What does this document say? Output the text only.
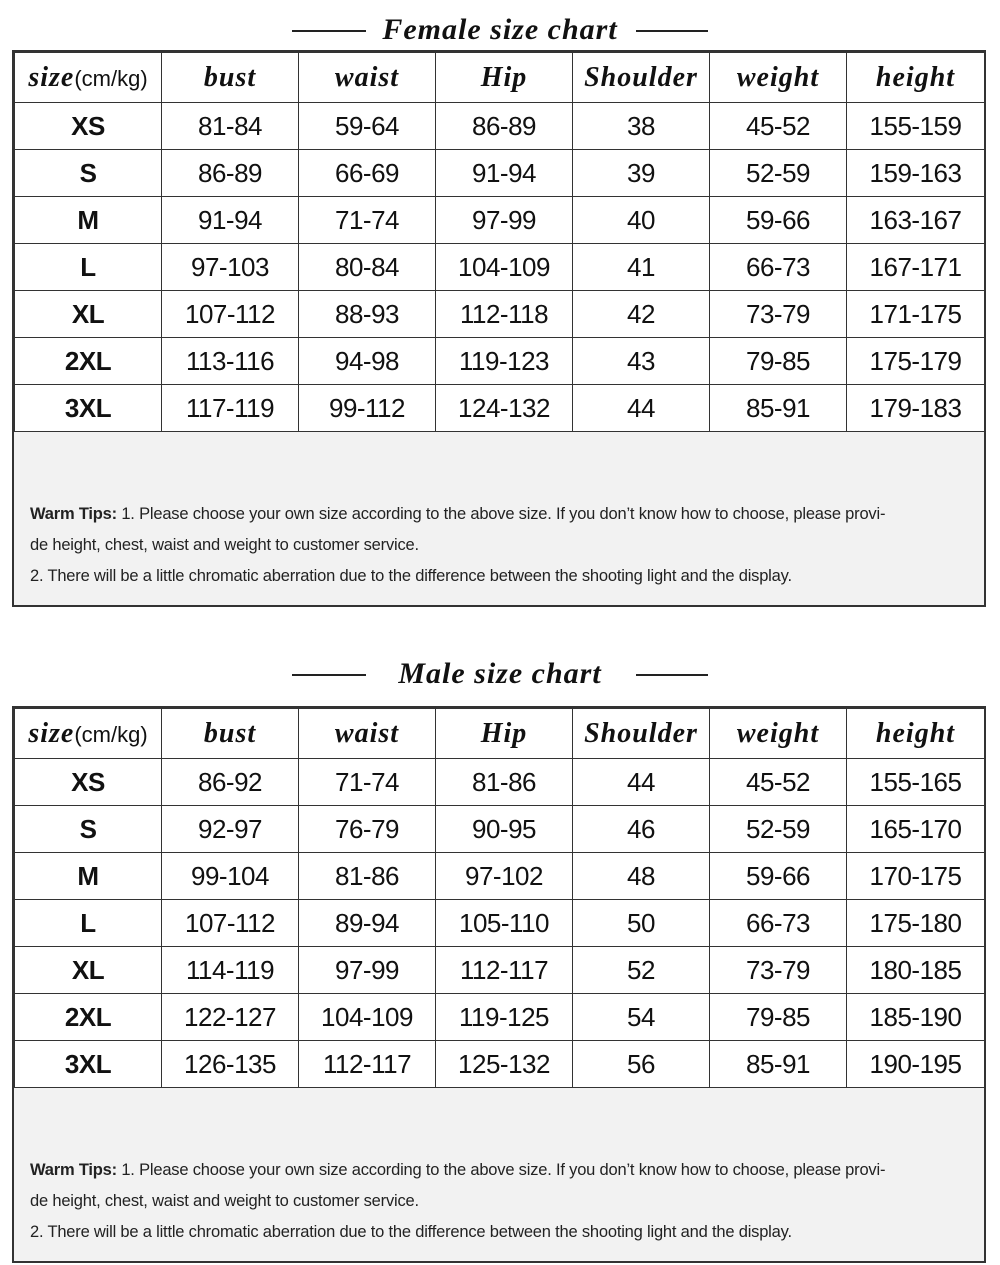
Female size chart
size(cm/kg)	bust	waist	Hip	Shoulder	weight	height
XS	81-84	59-64	86-89	38	45-52	155-159
S	86-89	66-69	91-94	39	52-59	159-163
M	91-94	71-74	97-99	40	59-66	163-167
L	97-103	80-84	104-109	41	66-73	167-171
XL	107-112	88-93	112-118	42	73-79	171-175
2XL	113-116	94-98	119-123	43	79-85	175-179
3XL	117-119	99-112	124-132	44	85-91	179-183
Warm Tips: 1. Please choose your own size according to the above size. If you don’t know how to choose, please provi-
de height, chest, waist and weight to customer service.
2. There will be a little chromatic aberration due to the difference between the shooting light and the display.
Male size chart
size(cm/kg)	bust	waist	Hip	Shoulder	weight	height
XS	86-92	71-74	81-86	44	45-52	155-165
S	92-97	76-79	90-95	46	52-59	165-170
M	99-104	81-86	97-102	48	59-66	170-175
L	107-112	89-94	105-110	50	66-73	175-180
XL	114-119	97-99	112-117	52	73-79	180-185
2XL	122-127	104-109	119-125	54	79-85	185-190
3XL	126-135	112-117	125-132	56	85-91	190-195
Warm Tips: 1. Please choose your own size according to the above size. If you don’t know how to choose, please provi-
de height, chest, waist and weight to customer service.
2. There will be a little chromatic aberration due to the difference between the shooting light and the display.
